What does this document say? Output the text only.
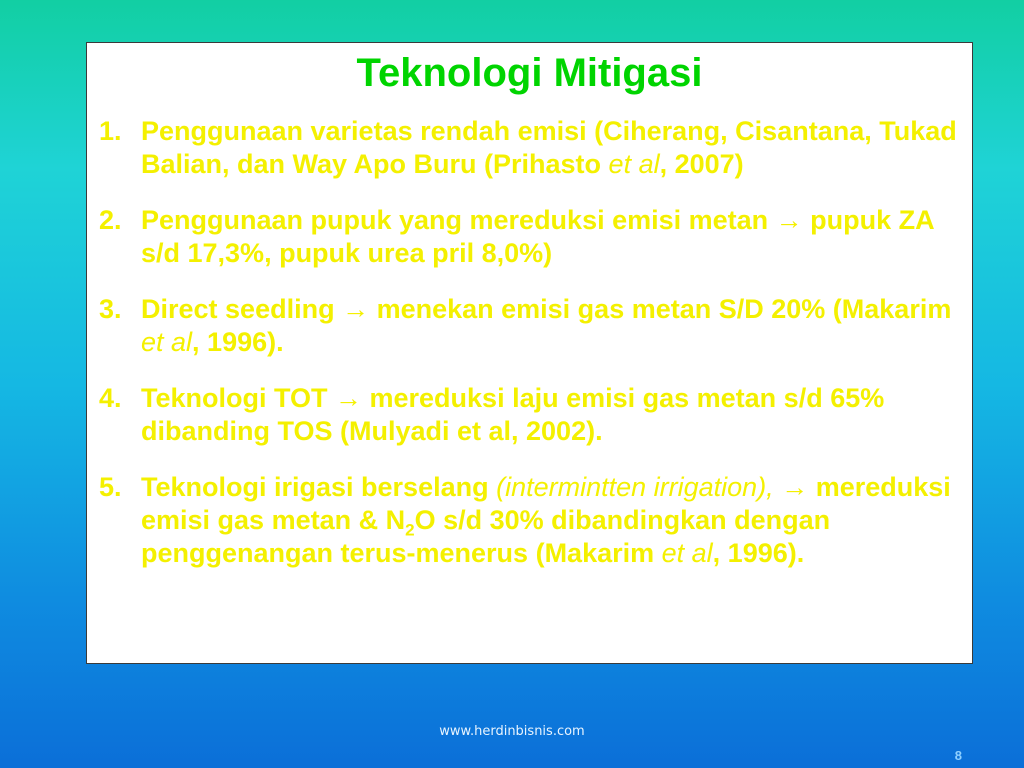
Teknologi Mitigasi
1. Penggunaan varietas rendah emisi (Ciherang, Cisantana, Tukad Balian, dan Way Apo Buru (Prihasto et al, 2007)
2. Penggunaan pupuk yang mereduksi emisi metan → pupuk ZA s/d 17,3%, pupuk urea pril 8,0%)
3. Direct seedling → menekan emisi gas metan S/D 20% (Makarim et al, 1996).
4. Teknologi TOT → mereduksi laju emisi gas metan s/d 65% dibanding TOS (Mulyadi et al, 2002).
5. Teknologi irigasi berselang (intermintten irrigation), → mereduksi emisi gas metan & $N_2O$ s/d 30% dibandingkan dengan penggenangan terus-menerus (Makarim et al, 1996).
www.herdinbisnis.com
8
